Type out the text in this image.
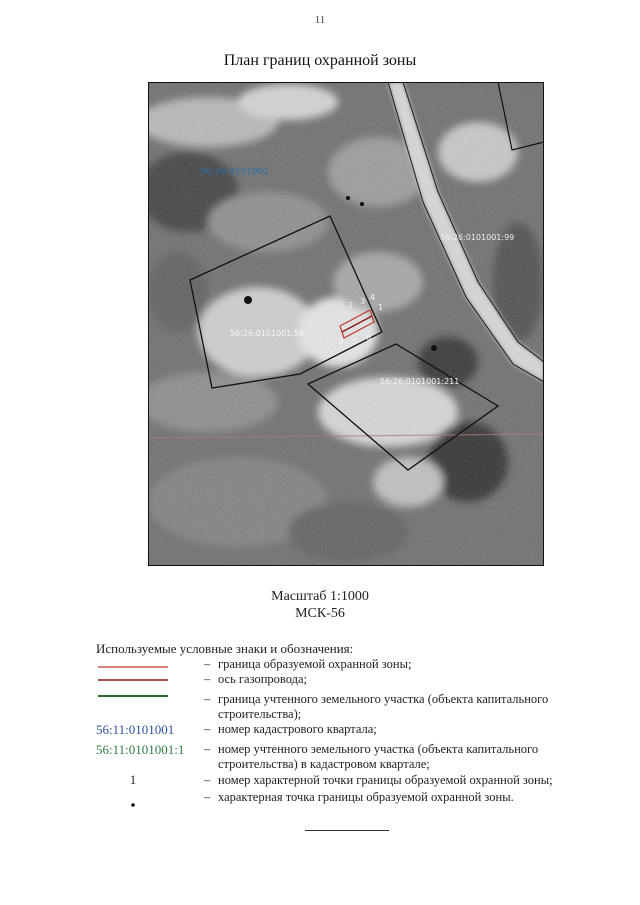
11
План границ охранной зоны
2 3 4
1
8 5 6
56:26:0101001
56:26:0101001:99
56:26:0101001:56
56:26:0101001:211
Масштаб 1:1000
МСК-56
Используемые условные знаки и обозначения:
– граница образуемой охранной зоны;
– ось газопровода;
– граница учтенного земельного участка (объекта капитального строительства);
56:11:0101001 – номер кадастрового квартала;
56:11:0101001:1	– номер учтенного земельного участка (объекта капитального строительства) в кадастровом квартале;
1	– номер характерной точки границы образуемой охранной зоны;
– характерная точка границы образуемой охранной зоны.
